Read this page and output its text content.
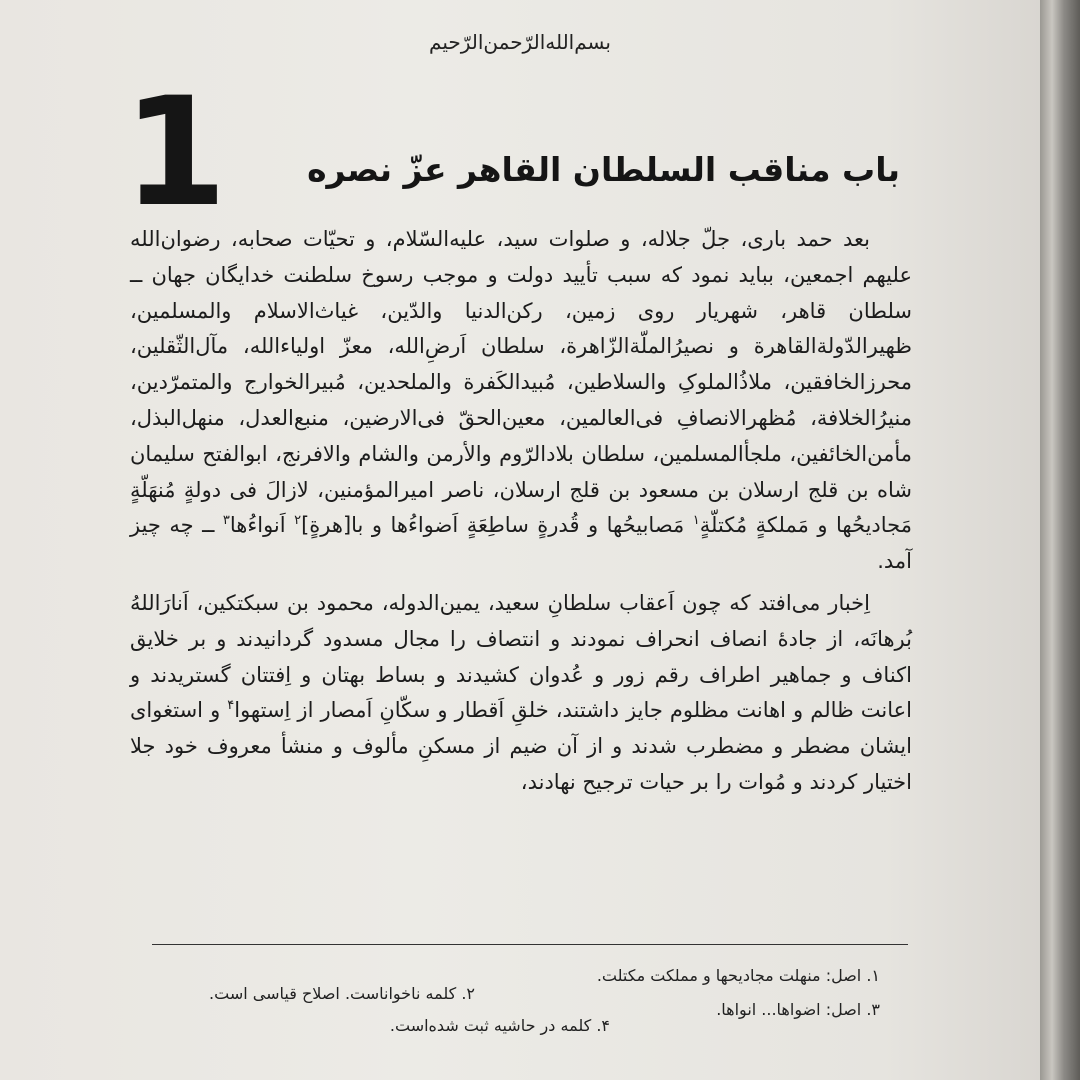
بسم‌الله‌الرّحمن‌الرّحیم
1 باب مناقب السلطان القاهر عزّ نصره

بعد حمد باری، جلّ جلاله، و صلوات سید، علیه‌السّلام، و تحیّات صحابه، رضوان‌الله علیهم اجمعین، بباید نمود که سبب تأیید دولت و موجب رسوخ سلطنت خدایگان جهان ــ سلطان قاهر، شهریار روی زمین، رکن‌الدنیا والدّین، غیاث‌الاسلام والمسلمین، ظهیرالدّولةالقاهرة و نصیرُالملّةالزّاهرة، سلطان اَرضِ‌الله، معزّ اولیاءالله، مآل‌الثّقلین، محرزالخافقین، ملاذُالملوکِ والسلاطین، مُبیدالکَفرة والملحدین، مُبیرالخوارج والمتمرّدین، منیرُالخلافة، مُظهرالانصافِ فی‌العالمین، معین‌الحقّ فی‌الارضین، منبع‌العدل، منهل‌البذل، مأمن‌الخائفین، ملجأالمسلمین، سلطان بلادالرّوم والأرمن والشام والافرنج، ابوالفتح سلیمان شاه بن قلج ارسلان بن مسعود بن قلج ارسلان، ناصر امیرالمؤمنین، لازالَ فی دولةٍ مُنهَلّةٍ مَجادیحُها و مَملکةٍ مُکتلّةٍ$^۱$ مَصابیحُها و قُدرةٍ ساطِعَةٍ اَضواءُها و با[هرةٍ]$^۲$ اَنواءُها$^۳$ ــ چه چیز آمد.

اِخبار می‌افتد که چون اَعقاب سلطانِ سعید، یمین‌الدوله، محمود بن سبکتکین، اَنارَاللهُ بُرهانَه، از جادهٔ انصاف انحراف نمودند و انتصاف را مجال مسدود گردانیدند و بر خلایق اکناف و جماهیر اطراف رقم زور و عُدوان کشیدند و بساط بهتان و اِفتتان گستریدند و اعانت ظالم و اهانت مظلوم جایز داشتند، خلقِ اَقطار و سکّانِ اَمصار از اِستهوا$^۴$ و استغوای ایشان مضطر و مضطرب شدند و از آن ضیم از مسکنِ مألوف و منشأ معروف خود جلا اختیار کردند و مُوات را بر حیات ترجیح نهادند،

۱. اصل: منهلت مجادیحها و مملکت مکتلت.
۲. کلمه ناخواناست. اصلاح قیاسی است.
۳. اصل: اضواها... انواها.
۴. کلمه در حاشیه ثبت شده‌است.
